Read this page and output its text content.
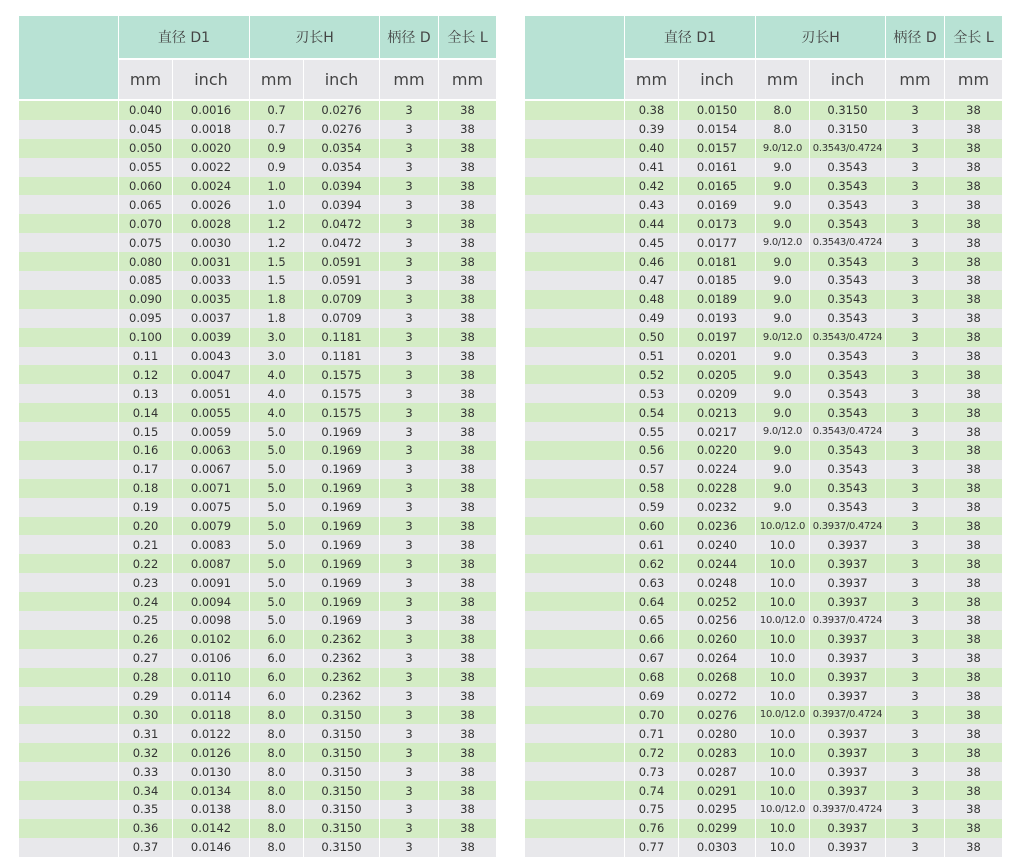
	直径 D1		刃长H		柄径 D	全长 L
	mm	inch	mm	inch	mm	mm
	0.040	0.0016	0.7	0.0276	3	38
	0.045	0.0018	0.7	0.0276	3	38
	0.050	0.0020	0.9	0.0354	3	38
	0.055	0.0022	0.9	0.0354	3	38
	0.060	0.0024	1.0	0.0394	3	38
	0.065	0.0026	1.0	0.0394	3	38
	0.070	0.0028	1.2	0.0472	3	38
	0.075	0.0030	1.2	0.0472	3	38
	0.080	0.0031	1.5	0.0591	3	38
	0.085	0.0033	1.5	0.0591	3	38
	0.090	0.0035	1.8	0.0709	3	38
	0.095	0.0037	1.8	0.0709	3	38
	0.100	0.0039	3.0	0.1181	3	38
	0.11	0.0043	3.0	0.1181	3	38
	0.12	0.0047	4.0	0.1575	3	38
	0.13	0.0051	4.0	0.1575	3	38
	0.14	0.0055	4.0	0.1575	3	38
	0.15	0.0059	5.0	0.1969	3	38
	0.16	0.0063	5.0	0.1969	3	38
	0.17	0.0067	5.0	0.1969	3	38
	0.18	0.0071	5.0	0.1969	3	38
	0.19	0.0075	5.0	0.1969	3	38
	0.20	0.0079	5.0	0.1969	3	38
	0.21	0.0083	5.0	0.1969	3	38
	0.22	0.0087	5.0	0.1969	3	38
	0.23	0.0091	5.0	0.1969	3	38
	0.24	0.0094	5.0	0.1969	3	38
	0.25	0.0098	5.0	0.1969	3	38
	0.26	0.0102	6.0	0.2362	3	38
	0.27	0.0106	6.0	0.2362	3	38
	0.28	0.0110	6.0	0.2362	3	38
	0.29	0.0114	6.0	0.2362	3	38
	0.30	0.0118	8.0	0.3150	3	38
	0.31	0.0122	8.0	0.3150	3	38
	0.32	0.0126	8.0	0.3150	3	38
	0.33	0.0130	8.0	0.3150	3	38
	0.34	0.0134	8.0	0.3150	3	38
	0.35	0.0138	8.0	0.3150	3	38
	0.36	0.0142	8.0	0.3150	3	38
	0.37	0.0146	8.0	0.3150	3	38
	直径 D1		刃长H		柄径 D	全长 L
	mm	inch	mm	inch	mm	mm
	0.38	0.0150	8.0	0.3150	3	38
	0.39	0.0154	8.0	0.3150	3	38
	0.40	0.0157	9.0/12.0	0.3543/0.4724	3	38
	0.41	0.0161	9.0	0.3543	3	38
	0.42	0.0165	9.0	0.3543	3	38
	0.43	0.0169	9.0	0.3543	3	38
	0.44	0.0173	9.0	0.3543	3	38
	0.45	0.0177	9.0/12.0	0.3543/0.4724	3	38
	0.46	0.0181	9.0	0.3543	3	38
	0.47	0.0185	9.0	0.3543	3	38
	0.48	0.0189	9.0	0.3543	3	38
	0.49	0.0193	9.0	0.3543	3	38
	0.50	0.0197	9.0/12.0	0.3543/0.4724	3	38
	0.51	0.0201	9.0	0.3543	3	38
	0.52	0.0205	9.0	0.3543	3	38
	0.53	0.0209	9.0	0.3543	3	38
	0.54	0.0213	9.0	0.3543	3	38
	0.55	0.0217	9.0/12.0	0.3543/0.4724	3	38
	0.56	0.0220	9.0	0.3543	3	38
	0.57	0.0224	9.0	0.3543	3	38
	0.58	0.0228	9.0	0.3543	3	38
	0.59	0.0232	9.0	0.3543	3	38
	0.60	0.0236	10.0/12.0	0.3937/0.4724	3	38
	0.61	0.0240	10.0	0.3937	3	38
	0.62	0.0244	10.0	0.3937	3	38
	0.63	0.0248	10.0	0.3937	3	38
	0.64	0.0252	10.0	0.3937	3	38
	0.65	0.0256	10.0/12.0	0.3937/0.4724	3	38
	0.66	0.0260	10.0	0.3937	3	38
	0.67	0.0264	10.0	0.3937	3	38
	0.68	0.0268	10.0	0.3937	3	38
	0.69	0.0272	10.0	0.3937	3	38
	0.70	0.0276	10.0/12.0	0.3937/0.4724	3	38
	0.71	0.0280	10.0	0.3937	3	38
	0.72	0.0283	10.0	0.3937	3	38
	0.73	0.0287	10.0	0.3937	3	38
	0.74	0.0291	10.0	0.3937	3	38
	0.75	0.0295	10.0/12.0	0.3937/0.4724	3	38
	0.76	0.0299	10.0	0.3937	3	38
	0.77	0.0303	10.0	0.3937	3	38
